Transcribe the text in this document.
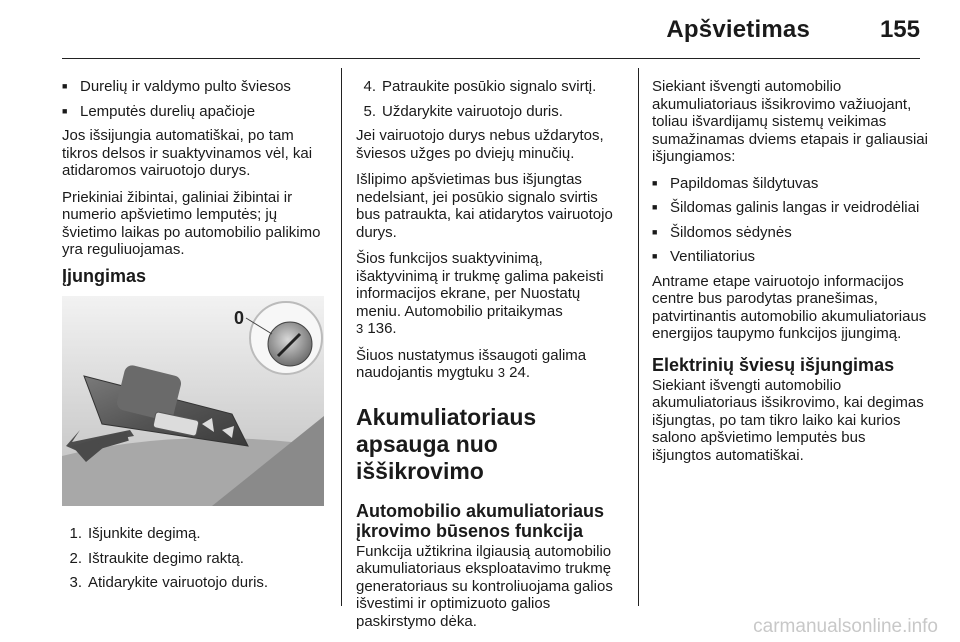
Apšvietimas	155
■ Durelių ir valdymo pulto šviesos
■ Lemputės durelių apačioje

Jos išsijungia automatiškai, po tam tikros delsos ir suaktyvinamos vėl, kai atidaromos vairuotojo durys.

Priekiniai žibintai, galiniai žibintai ir numerio apšvietimo lemputės; jų švietimo laikas po automobilio palikimo yra reguliuojamas.

Įjungimas
0
1. Išjunkite degimą.
2. Ištraukite degimo raktą.
3. Atidarykite vairuotojo duris.
4. Patraukite posūkio signalo svirtį.
5. Uždarykite vairuotojo duris.

Jei vairuotojo durys nebus uždarytos, šviesos užges po dviejų minučių.

Išlipimo apšvietimas bus išjungtas nedelsiant, jei posūkio signalo svirtis bus patraukta, kai atidarytos vairuotojo durys.

Šios funkcijos suaktyvinimą, išaktyvinimą ir trukmę galima pakeisti informacijos ekrane, per Nuostatų meniu. Automobilio pritaikymas
3 136.

Šiuos nustatymus išsaugoti galima naudojantis mygtuku 3 24.

Akumuliatoriaus apsauga nuo iššikrovimo
Automobilio akumuliatoriaus įkrovimo būsenos funkcija

Funkcija užtikrina ilgiausią automobilio akumuliatoriaus eksploatavimo trukmę generatoriaus su kontroliuojama galios išvestimi ir optimizuoto galios paskirstymo dėka.

Siekiant išvengti automobilio akumuliatoriaus išsikrovimo važiuojant, toliau išvardijamų sistemų veikimas sumažinamas dviems etapais ir galiausiai išjungiamos:

■ Papildomas šildytuvas
■ Šildomas galinis langas ir veidrodėliai
■ Šildomos sėdynės
■ Ventiliatorius

Antrame etape vairuotojo informacijos centre bus parodytas pranešimas, patvirtinantis automobilio akumuliatoriaus energijos taupymo funkcijos įjungimą.

Elektrinių šviesų išjungimas

Siekiant išvengti automobilio akumuliatoriaus išsikrovimo, kai degimas išjungtas, po tam tikro laiko kai kurios salono apšvietimo lemputės bus išjungtos automatiškai.

carmanualsonline.info
